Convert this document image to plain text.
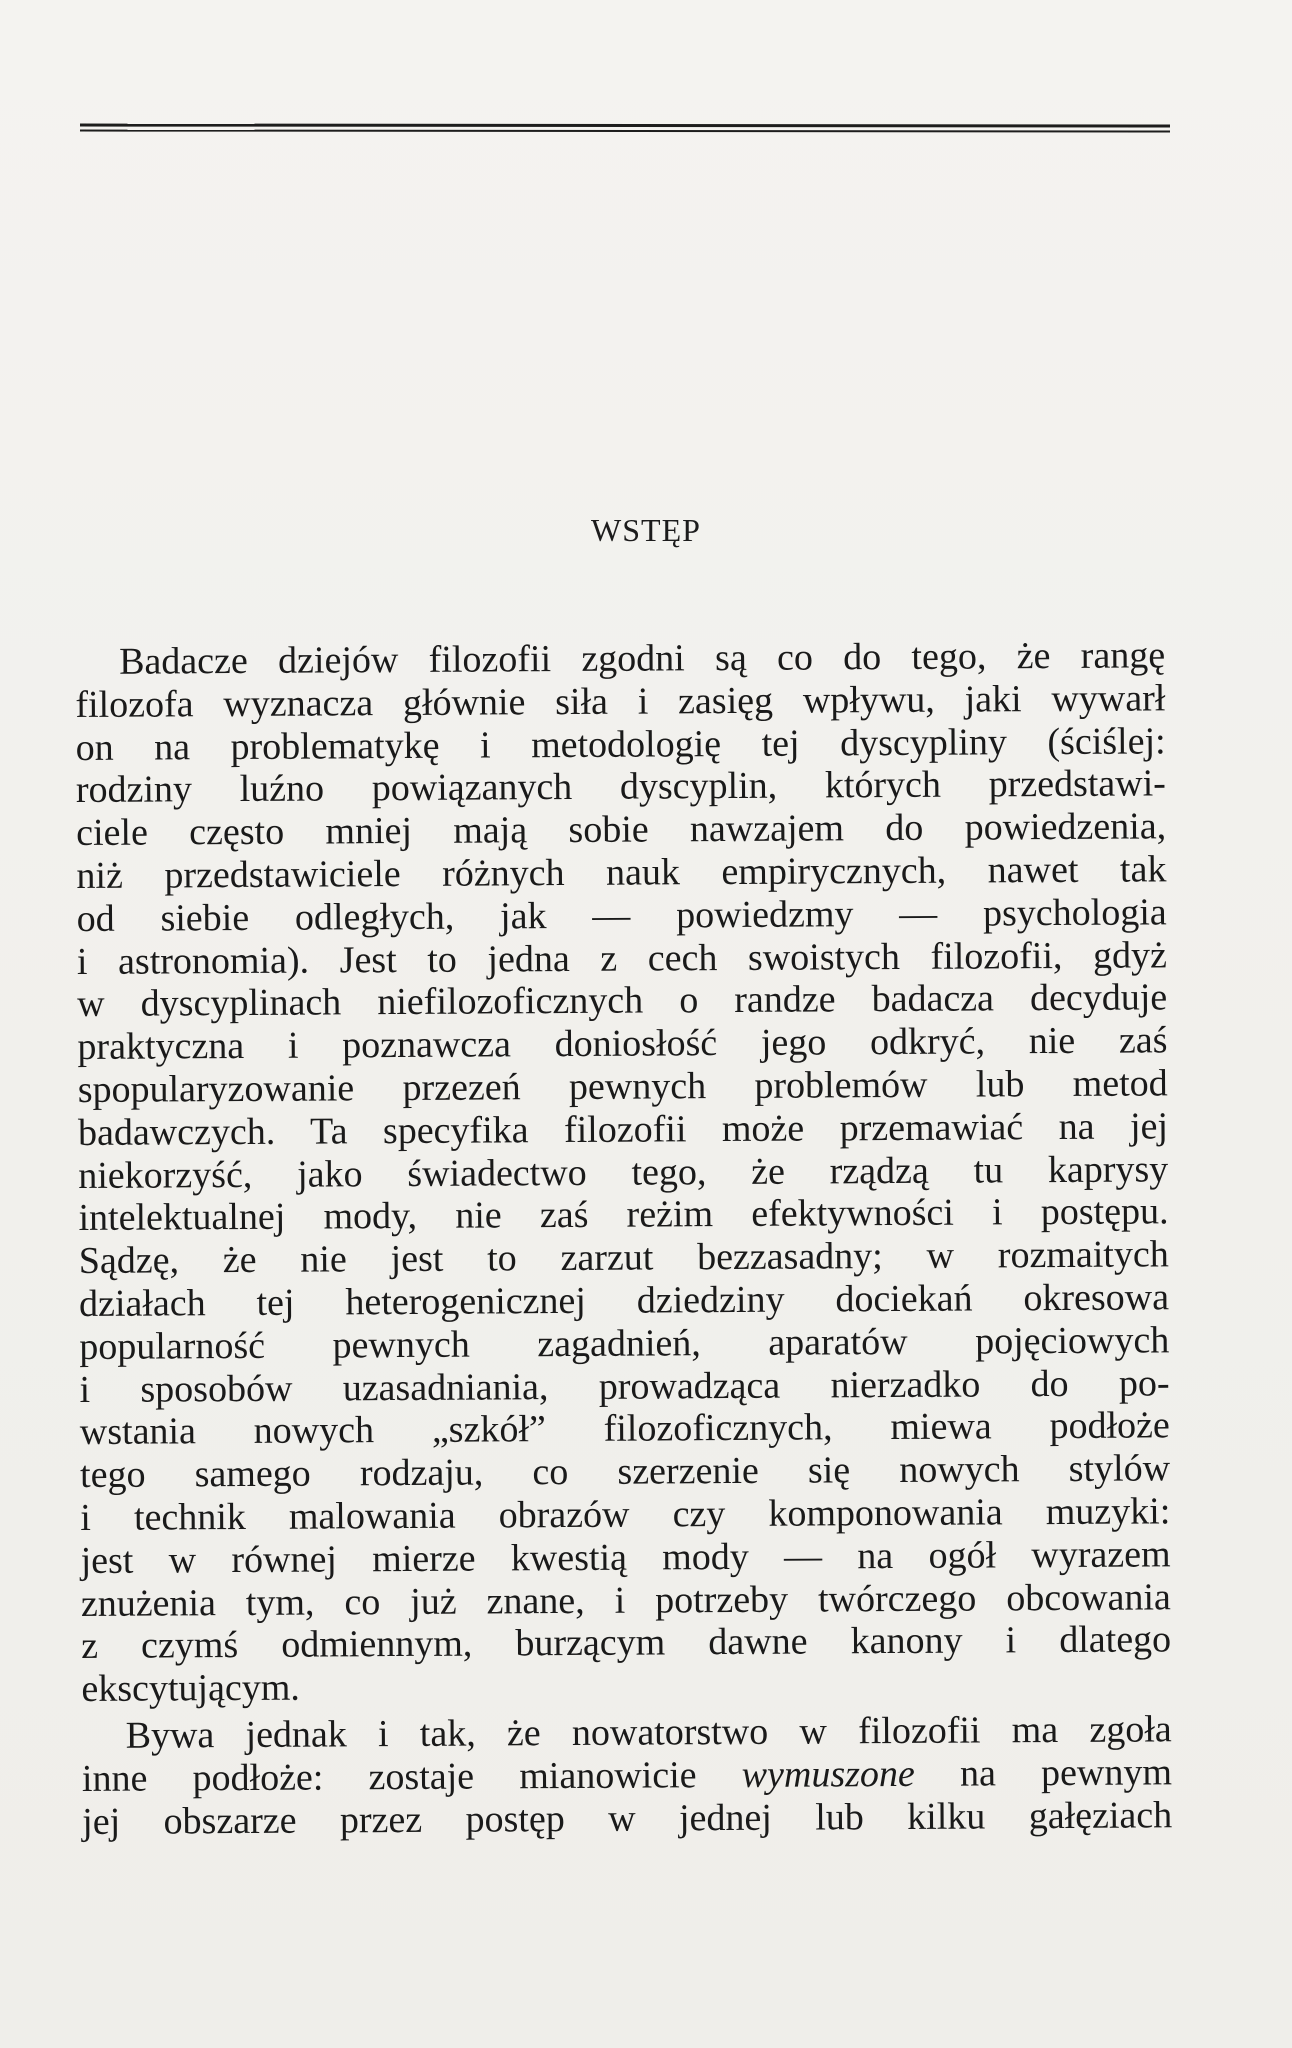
WSTĘP
Badacze dziejów filozofii zgodni są co do tego, że rangę
filozofa wyznacza głównie siła i zasięg wpływu, jaki wywarł
on na problematykę i metodologię tej dyscypliny (ściślej:
rodziny luźno powiązanych dyscyplin, których przedstawi-
ciele często mniej mają sobie nawzajem do powiedzenia,
niż przedstawiciele różnych nauk empirycznych, nawet tak
od siebie odległych, jak — powiedzmy — psychologia
i astronomia). Jest to jedna z cech swoistych filozofii, gdyż
w dyscyplinach niefilozoficznych o randze badacza decyduje
praktyczna i poznawcza doniosłość jego odkryć, nie zaś
spopularyzowanie przezeń pewnych problemów lub metod
badawczych. Ta specyfika filozofii może przemawiać na jej
niekorzyść, jako świadectwo tego, że rządzą tu kaprysy
intelektualnej mody, nie zaś reżim efektywności i postępu.
Sądzę, że nie jest to zarzut bezzasadny; w rozmaitych
działach tej heterogenicznej dziedziny dociekań okresowa
popularność pewnych zagadnień, aparatów pojęciowych
i sposobów uzasadniania, prowadząca nierzadko do po-
wstania nowych „szkół” filozoficznych, miewa podłoże
tego samego rodzaju, co szerzenie się nowych stylów
i technik malowania obrazów czy komponowania muzyki:
jest w równej mierze kwestią mody — na ogół wyrazem
znużenia tym, co już znane, i potrzeby twórczego obcowania
z czymś odmiennym, burzącym dawne kanony i dlatego
ekscytującym.
Bywa jednak i tak, że nowatorstwo w filozofii ma zgoła
inne podłoże: zostaje mianowicie wymuszone na pewnym
jej obszarze przez postęp w jednej lub kilku gałęziach
